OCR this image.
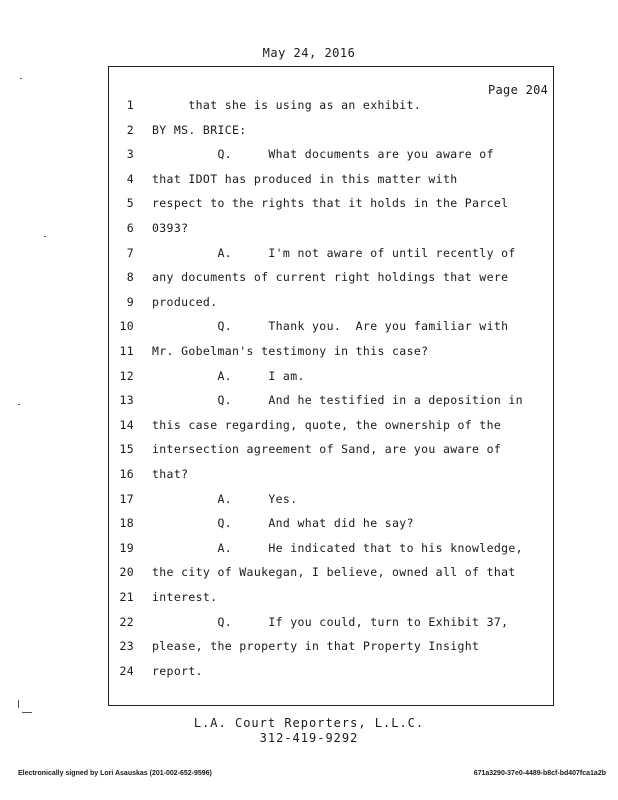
May 24, 2016
Page 204
1 that she is using as an exhibit.
2 BY MS. BRICE:
3 Q.     What documents are you aware of
4 that IDOT has produced in this matter with
5 respect to the rights that it holds in the Parcel
6 0393?
7 A.     I'm not aware of until recently of
8 any documents of current right holdings that were
9 produced.
10 Q.     Thank you.  Are you familiar with
11 Mr. Gobelman's testimony in this case?
12 A.     I am.
13 Q.     And he testified in a deposition in
14 this case regarding, quote, the ownership of the
15 intersection agreement of Sand, are you aware of
16 that?
17 A.     Yes.
18 Q.     And what did he say?
19 A.     He indicated that to his knowledge,
20 the city of Waukegan, I believe, owned all of that
21 interest.
22 Q.     If you could, turn to Exhibit 37,
23 please, the property in that Property Insight
24 report.
L.A. Court Reporters, L.L.C.
312-419-9292
Electronically signed by Lori Asauskas (201-002-652-9596)	671a3290-37e0-4489-b8cf-bd407fca1a2b
